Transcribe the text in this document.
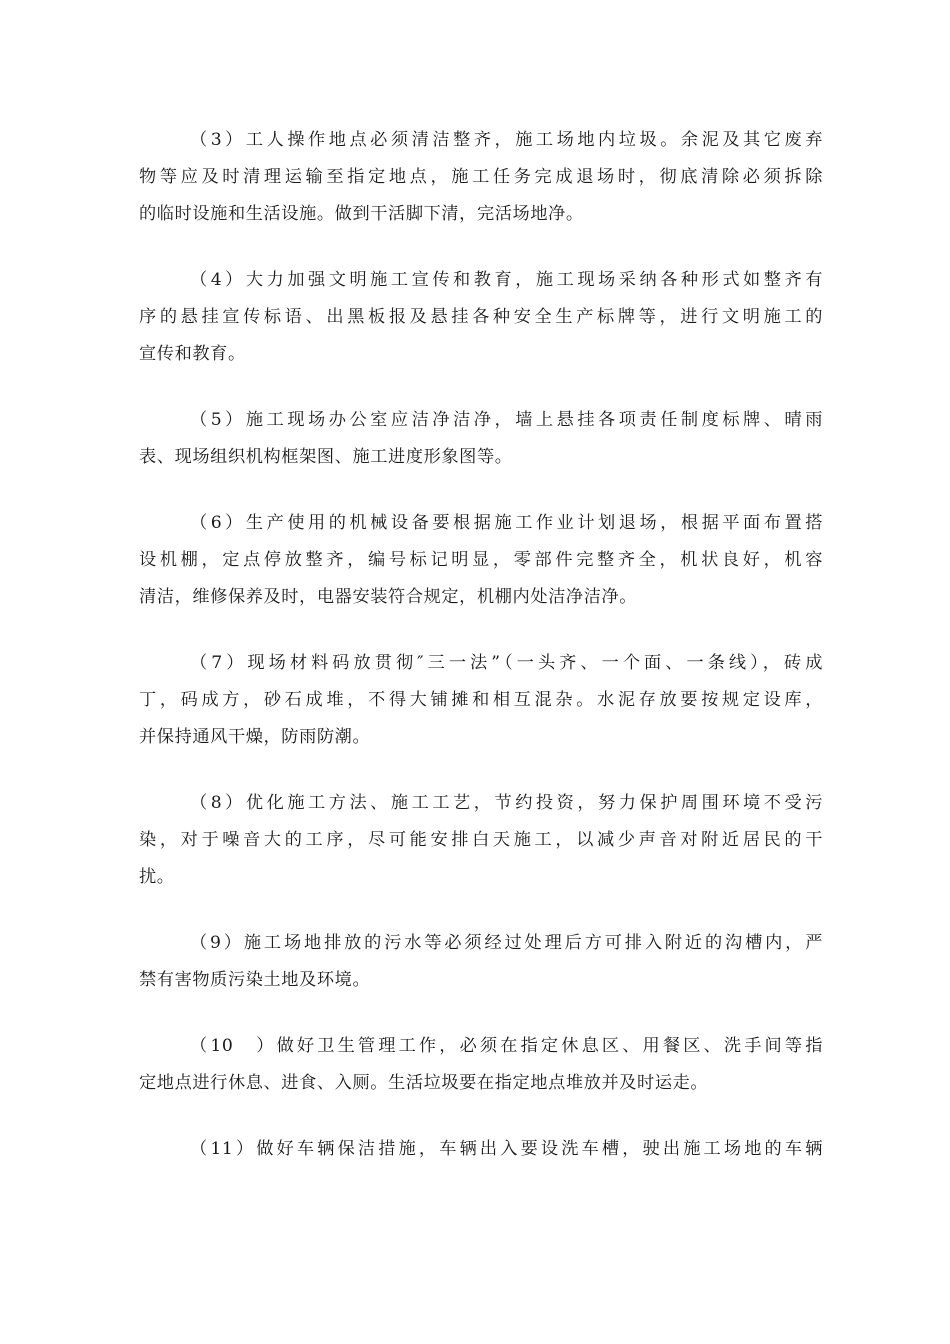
（3）工人操作地点必须清洁整齐，施工场地内垃圾。余泥及其它废弃
物等应及时清理运输至指定地点，施工任务完成退场时，彻底清除必须拆除
的临时设施和生活设施。做到干活脚下清，完活场地净。
（4）大力加强文明施工宣传和教育，施工现场采纳各种形式如整齐有
序的悬挂宣传标语、出黑板报及悬挂各种安全生产标牌等，进行文明施工的
宣传和教育。
（5）施工现场办公室应洁净洁净，墙上悬挂各项责任制度标牌、晴雨
表、现场组织机构框架图、施工进度形象图等。
（6）生产使用的机械设备要根据施工作业计划退场，根据平面布置搭
设机棚，定点停放整齐，编号标记明显，零部件完整齐全，机状良好，机容
清洁，维修保养及时，电器安装符合规定，机棚内处洁净洁净。
（7）现场材料码放贯彻″三一法”（一头齐、一个面、一条线），砖成
丁，码成方，砂石成堆，不得大铺摊和相互混杂。水泥存放要按规定设库，
并保持通风干燥，防雨防潮。
（8）优化施工方法、施工工艺，节约投资，努力保护周围环境不受污
染，对于噪音大的工序，尽可能安排白天施工，以减少声音对附近居民的干
扰。
（9）施工场地排放的污水等必须经过处理后方可排入附近的沟槽内，严
禁有害物质污染土地及环境。
（10　）做好卫生管理工作，必须在指定休息区、用餐区、洗手间等指
定地点进行休息、进食、入厕。生活垃圾要在指定地点堆放并及时运走。
（11）做好车辆保洁措施，车辆出入要设洗车槽，驶出施工场地的车辆
